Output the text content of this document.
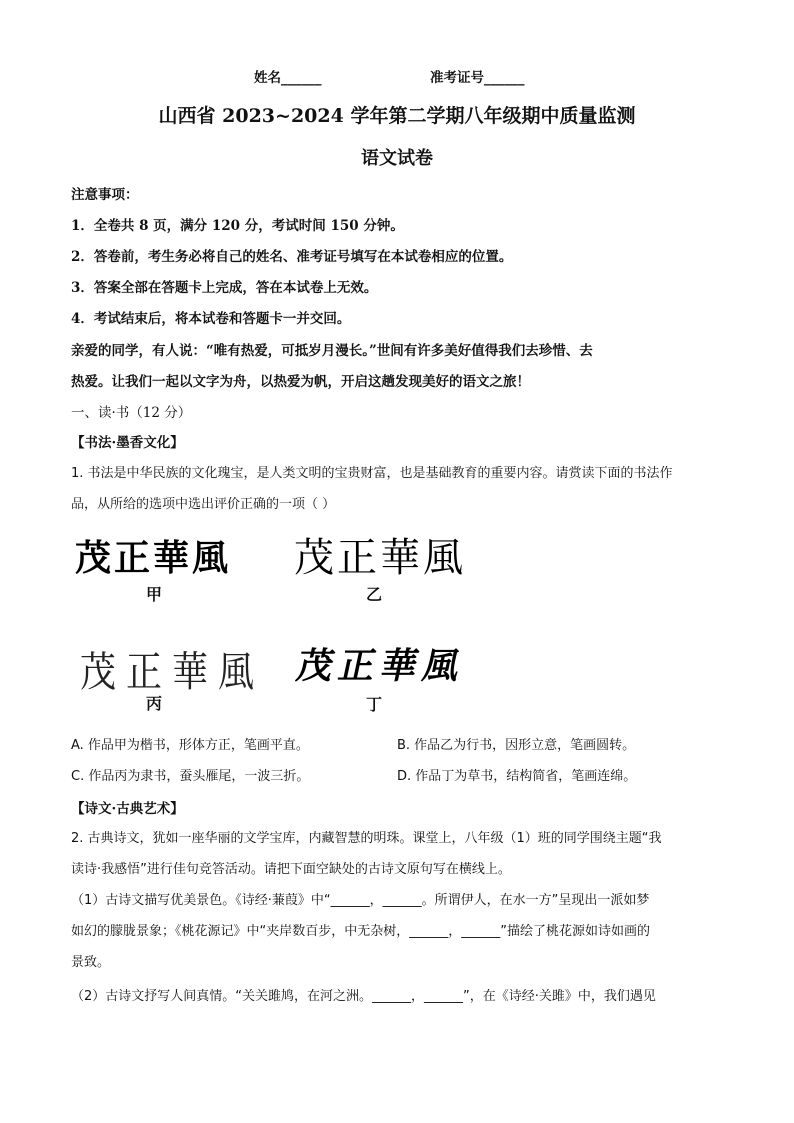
姓名______	准考证号______
山西省 2023~2024 学年第二学期八年级期中质量监测
语文试卷
注意事项：
1．全卷共 8 页，满分 120 分，考试时间 150 分钟。
2．答卷前，考生务必将自己的姓名、准考证号填写在本试卷相应的位置。
3．答案全部在答题卡上完成，答在本试卷上无效。
4．考试结束后，将本试卷和答题卡一并交回。
亲爱的同学，有人说：“唯有热爱，可抵岁月漫长。”世间有许多美好值得我们去珍惜、去
热爱。让我们一起以文字为舟，以热爱为帆，开启这趟发现美好的语文之旅！
一、读·书（12 分）
【书法·墨香文化】
1. 书法是中华民族的文化瑰宝，是人类文明的宝贵财富，也是基础教育的重要内容。请赏读下面的书法作
品，从所给的选项中选出评价正确的一项（ ）
茂正華風
甲
茂正華風
乙
茂正華風
丙
茂正華風
丁
A. 作品甲为楷书，形体方正，笔画平直。	B. 作品乙为行书，因形立意，笔画圆转。
C. 作品丙为隶书，蚕头雁尾，一波三折。	D. 作品丁为草书，结构简省，笔画连绵。
【诗文·古典艺术】
2. 古典诗文，犹如一座华丽的文学宝库，内藏智慧的明珠。课堂上，八年级（1）班的同学围绕主题“我
读诗·我感悟”进行佳句竞答活动。请把下面空缺处的古诗文原句写在横线上。
（1）古诗文描写优美景色。《诗经·蒹葭》中“______，______。所谓伊人，在水一方”呈现出一派如梦
如幻的朦胧景象；《桃花源记》中“夹岸数百步，中无杂树，______，______”描绘了桃花源如诗如画的
景致。
（2）古诗文抒写人间真情。“关关雎鸠，在河之洲。______，______”，在《诗经·关雎》中，我们遇见
